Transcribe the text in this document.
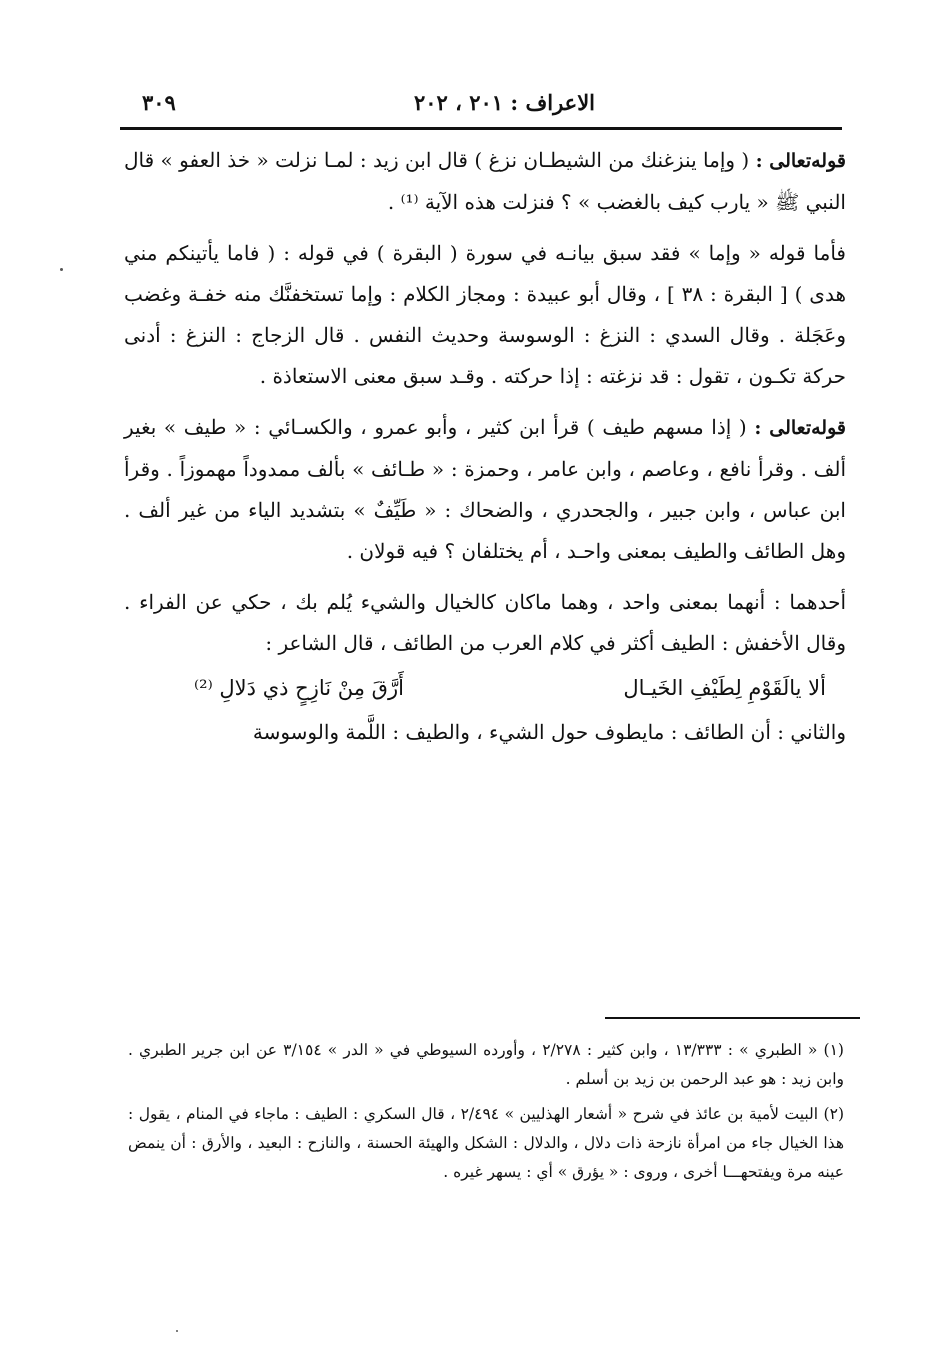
الاعراف : ٢٠١ ، ٢٠٢
٣٠٩

قوله‌تعالى : ( وإما ينزغنك من الشيطـان نزغ ) قال ابن زيد : لمـا نزلت « خذ العفو » قال النبي ﷺ « يارب كيف بالغضب » ؟ فنزلت هذه الآية ⁽¹⁾ .

فأما قوله « وإما » فقد سبق بيانـه في سورة ( البقرة ) في قوله : ( فاما يأتينكم مني هدى ) [ البقرة : ٣٨ ] ، وقال أبو عبيدة : ومجاز الكلام : وإما تستخفنَّك منه خفـة وغضب وعَجَلة . وقال السدي : النزغ : الوسوسة وحديث النفس . قال الزجاج : النزغ : أدنى حركة تكـون ، تقول : قد نزغته : إذا حركته . وقـد سبق معنى الاستعاذة .

قوله‌تعالى : ( إذا مسهم طيف ) قرأ ابن كثير ، وأبو عمرو ، والكسـائي : « طيف » بغير ألف . وقرأ نافع ، وعاصم ، وابن عامر ، وحمزة : « طـائف » بألف ممدوداً مهموزاً . وقرأ ابن عباس ، وابن جبير ، والجحدري ، والضحاك : « طَيِّفٌ » بتشديد الياء من غير ألف . وهل الطائف والطيف بمعنى واحـد ، أم يختلفان ؟ فيه قولان .

أحدهما : أنهما بمعنى واحد ، وهما ماكان كالخيال والشيء يُلم بك ، حكي عن الفراء . وقال الأخفش : الطيف أكثر في كلام العرب من الطائف ، قال الشاعر :

ألا يالَقَوْمِ لِطَيْفِ الخَيـال
أَرَّقَ مِنْ نَازِحٍ ذي دَلالِ ⁽²⁾

والثاني : أن الطائف : مايطوف حول الشيء ، والطيف : اللَّمة والوسوسة

(١) « الطبري » : ١٣/٣٣٣ ، وابن كثير : ٢/٢٧٨ ، وأورده السيوطي في « الدر » ٣/١٥٤ عن ابن جرير الطبري . وابن زيد : هو عبد الرحمن بن زيد بن أسلم .

(٢) البيت لأمية بن عائذ في شرح « أشعار الهذليين » ٢/٤٩٤ ، قال السكري : الطيف : ماجاء في المنام ، يقول : هذا الخيال جاء من امرأة نازحة ذات دلال ، والدلال : الشكل والهيئة الحسنة ، والنازح : البعيد ، والأرق : أن ينمض عينه مرة ويفتحهـــا أخرى ، وروى : « يؤرق » أي : يسهر غيره .
